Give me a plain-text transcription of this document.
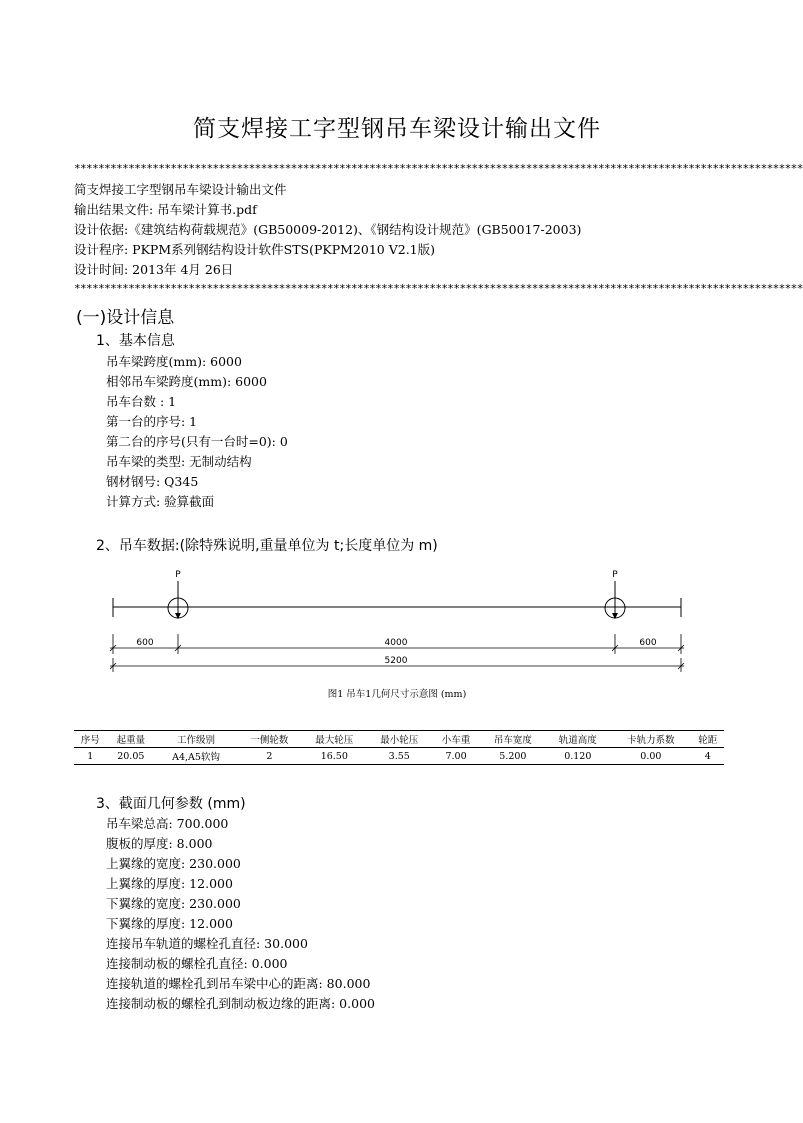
简支焊接工字型钢吊车梁设计输出文件
*************************************************************************************************************************
简支焊接工字型钢吊车梁设计输出文件
输出结果文件: 吊车梁计算书.pdf
设计依据:《建筑结构荷载规范》(GB50009-2012)、《钢结构设计规范》(GB50017-2003)
设计程序: PKPM系列钢结构设计软件STS(PKPM2010 V2.1版)
设计时间: 2013年 4月 26日
*************************************************************************************************************************
(一)设计信息
1、基本信息
吊车梁跨度(mm): 6000
相邻吊车梁跨度(mm): 6000
吊车台数 : 1
第一台的序号: 1
第二台的序号(只有一台时=0): 0
吊车梁的类型: 无制动结构
钢材钢号: Q345
计算方式: 验算截面
2、吊车数据:(除特殊说明,重量单位为 t;长度单位为 m)
P	P
600	4000	600
5200
图1 吊车1几何尺寸示意图 (mm)
序号	起重量	工作级别	一侧轮数	最大轮压	最小轮压	小车重	吊车宽度	轨道高度	卡轨力系数	轮距
1	20.05	A4,A5软钩	2	16.50	3.55	7.00	5.200	0.120	0.00	4
3、截面几何参数 (mm)
吊车梁总高: 700.000
腹板的厚度: 8.000
上翼缘的宽度: 230.000
上翼缘的厚度: 12.000
下翼缘的宽度: 230.000
下翼缘的厚度: 12.000
连接吊车轨道的螺栓孔直径: 30.000
连接制动板的螺栓孔直径: 0.000
连接轨道的螺栓孔到吊车梁中心的距离: 80.000
连接制动板的螺栓孔到制动板边缘的距离: 0.000
